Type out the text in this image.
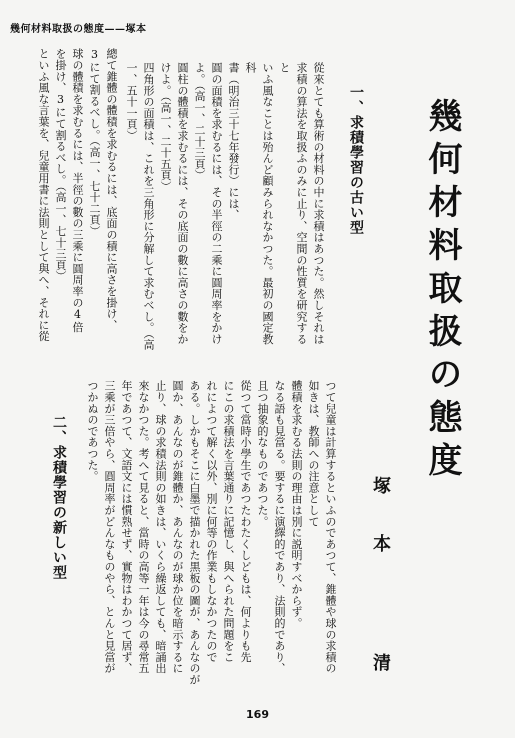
幾何材料取扱の態度——塚本
幾何材料取扱の態度
塚本 清
一、求積學習の古い型
從來とても算術の材料の中に求積はあつた。然しそれは
求積の算法を取扱ふのみに止り、空間の性質を研究すると
いふ風なことは殆んど顧みられなかつた。最初の國定教科
書（明治三十七年發行）には、
圓の面積を求むるには、その半徑の二乘に圓周率をかけ
よ。（高一、二十三頁）
圓柱の體積を求むるには、その底面の數に高さの數をか
けよ。（高一、二十五頁）
四角形の面積は、これを三角形に分解して求むべし。（高
一、五十一頁）
總て錐體の體積を求むるには、底面の積に高さを掛け、
3にて割るべし。（高一、七十二頁）
球の體積を求むるには、半徑の數の三乘に圓周率の4倍
を掛け、3にて割るべし。（高一、七十三頁）
といふ風な言葉を、兒童用書に法則として與へ、それに從
二、求積學習の新しい型	つて兒童は計算するといふのであつて、錐體や球の求積の
如きは、教師への注意として
體積を求むる法則の理由は別に説明すべからず。
なる語も見當る。要するに演繹的であり、法則的であり、
且つ抽象的なものであつた。
從つて當時小學生であつたわたくしどもは、何よりも先
にこの求積法を言葉通りに記憶し、與へられた問題をこ
れによつて解く以外、別に何等の作業もしなかつたので
ある。しかもそこに白墨で描かれた黒板の圖が、あんなのが
圓か、あんなのが錐體か、あんなのが球か位を暗示するに
止り、球の求積法則の如きは、いくら繰返しても、暗誦出
來なかつた。考へて見ると、當時の高等一年は今の尋常五
年であつて、文語文には慣熟せず、實物はわかつて居ず、
三乘が三倍やら、圓周率がどんなものやら、とんと見當が
つかぬのであつた。
169
